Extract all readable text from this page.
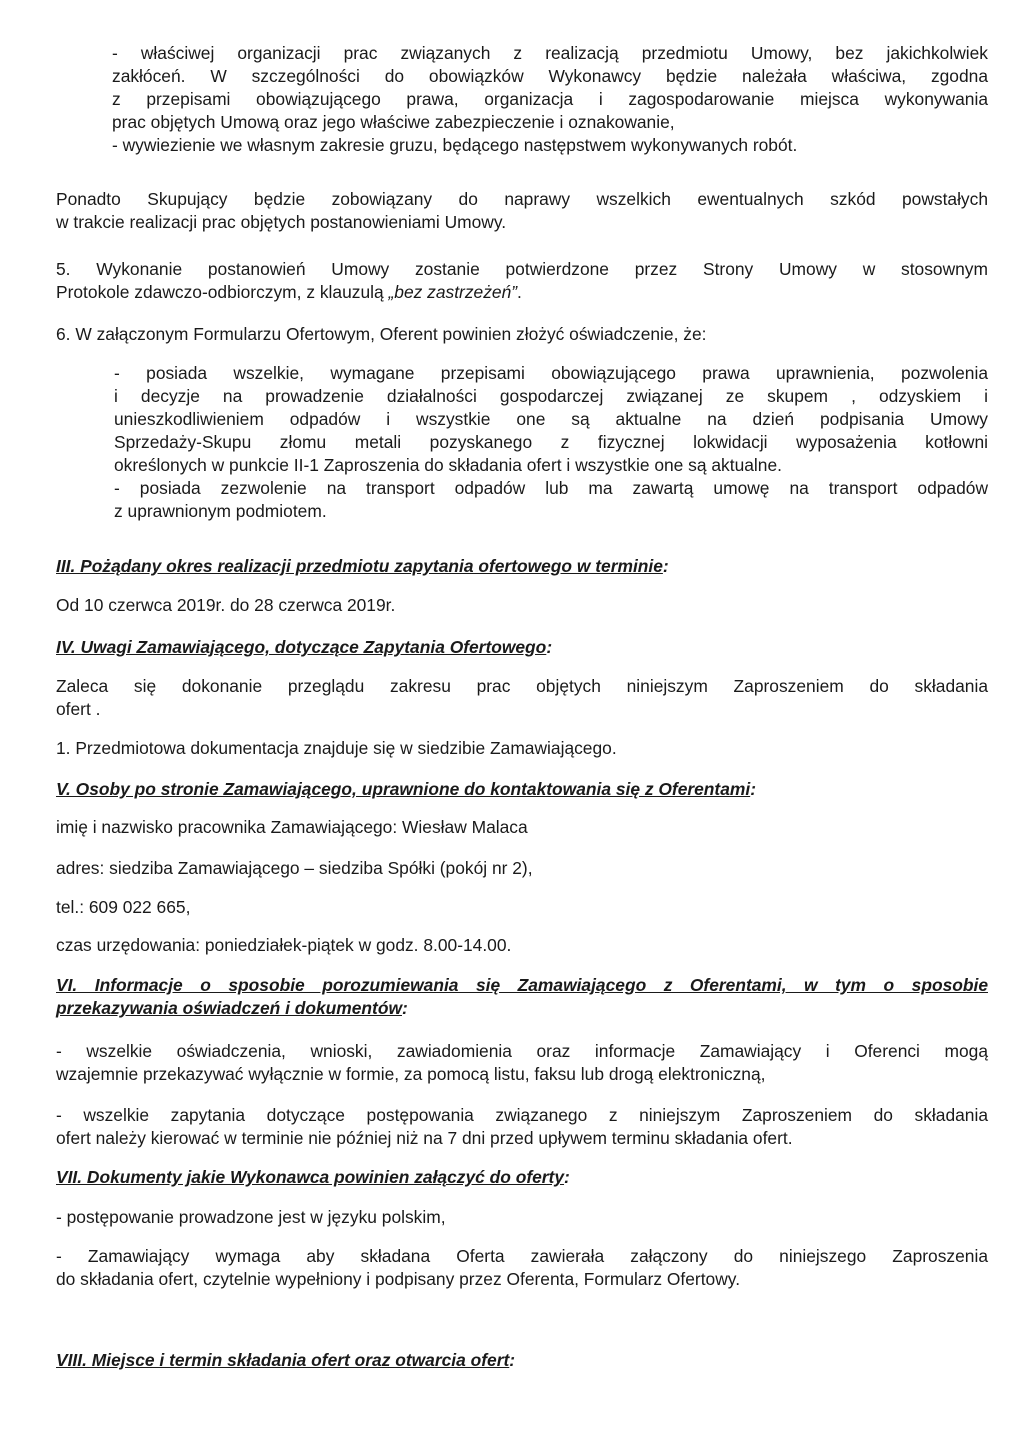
- właściwej organizacji prac związanych z realizacją przedmiotu Umowy, bez jakichkolwiek
zakłóceń. W szczególności do obowiązków Wykonawcy będzie należała właściwa, zgodna
z przepisami obowiązującego prawa, organizacja i zagospodarowanie miejsca wykonywania
prac objętych Umową oraz jego właściwe zabezpieczenie i oznakowanie,
- wywiezienie we własnym zakresie gruzu, będącego następstwem wykonywanych robót.
Ponadto Skupujący będzie zobowiązany do naprawy wszelkich ewentualnych szkód powstałych
w trakcie realizacji prac objętych postanowieniami Umowy.
5. Wykonanie postanowień Umowy zostanie potwierdzone przez Strony Umowy w stosownym
Protokole zdawczo-odbiorczym, z klauzulą „bez zastrzeżeń”.
6. W załączonym Formularzu Ofertowym, Oferent powinien złożyć oświadczenie, że:
- posiada wszelkie, wymagane przepisami obowiązującego prawa uprawnienia, pozwolenia
i decyzje na prowadzenie działalności gospodarczej związanej ze skupem , odzyskiem i
unieszkodliwieniem odpadów i wszystkie one są aktualne na dzień podpisania Umowy
Sprzedaży-Skupu złomu metali pozyskanego z fizycznej lokwidacji wyposażenia kotłowni
określonych w punkcie II-1 Zaproszenia do składania ofert i wszystkie one są aktualne.
- posiada zezwolenie na transport odpadów lub ma zawartą umowę na transport odpadów
z uprawnionym podmiotem.
III. Pożądany okres realizacji przedmiotu zapytania ofertowego w terminie:
Od 10 czerwca 2019r. do 28 czerwca 2019r.
IV. Uwagi Zamawiającego, dotyczące Zapytania Ofertowego:
Zaleca się dokonanie przeglądu zakresu prac objętych niniejszym Zaproszeniem do składania
ofert .
1. Przedmiotowa dokumentacja znajduje się w siedzibie Zamawiającego.
V. Osoby po stronie Zamawiającego, uprawnione do kontaktowania się z Oferentami:
imię i nazwisko pracownika Zamawiającego: Wiesław Malaca
adres: siedziba Zamawiającego – siedziba Spółki (pokój nr 2),
tel.: 609 022 665,
czas urzędowania: poniedziałek-piątek w godz. 8.00-14.00.
VI. Informacje o sposobie porozumiewania się Zamawiającego z Oferentami, w tym o sposobie
przekazywania oświadczeń i dokumentów:
- wszelkie oświadczenia, wnioski, zawiadomienia oraz informacje Zamawiający i Oferenci mogą
wzajemnie przekazywać wyłącznie w formie, za pomocą listu, faksu lub drogą elektroniczną,
- wszelkie zapytania dotyczące postępowania związanego z niniejszym Zaproszeniem do składania
ofert należy kierować w terminie nie później niż na 7 dni przed upływem terminu składania ofert.
VII. Dokumenty jakie Wykonawca powinien załączyć do oferty:
- postępowanie prowadzone jest w języku polskim,
- Zamawiający wymaga aby składana Oferta zawierała załączony do niniejszego Zaproszenia
do składania ofert, czytelnie wypełniony i podpisany przez Oferenta, Formularz Ofertowy.
VIII. Miejsce i termin składania ofert oraz otwarcia ofert:
